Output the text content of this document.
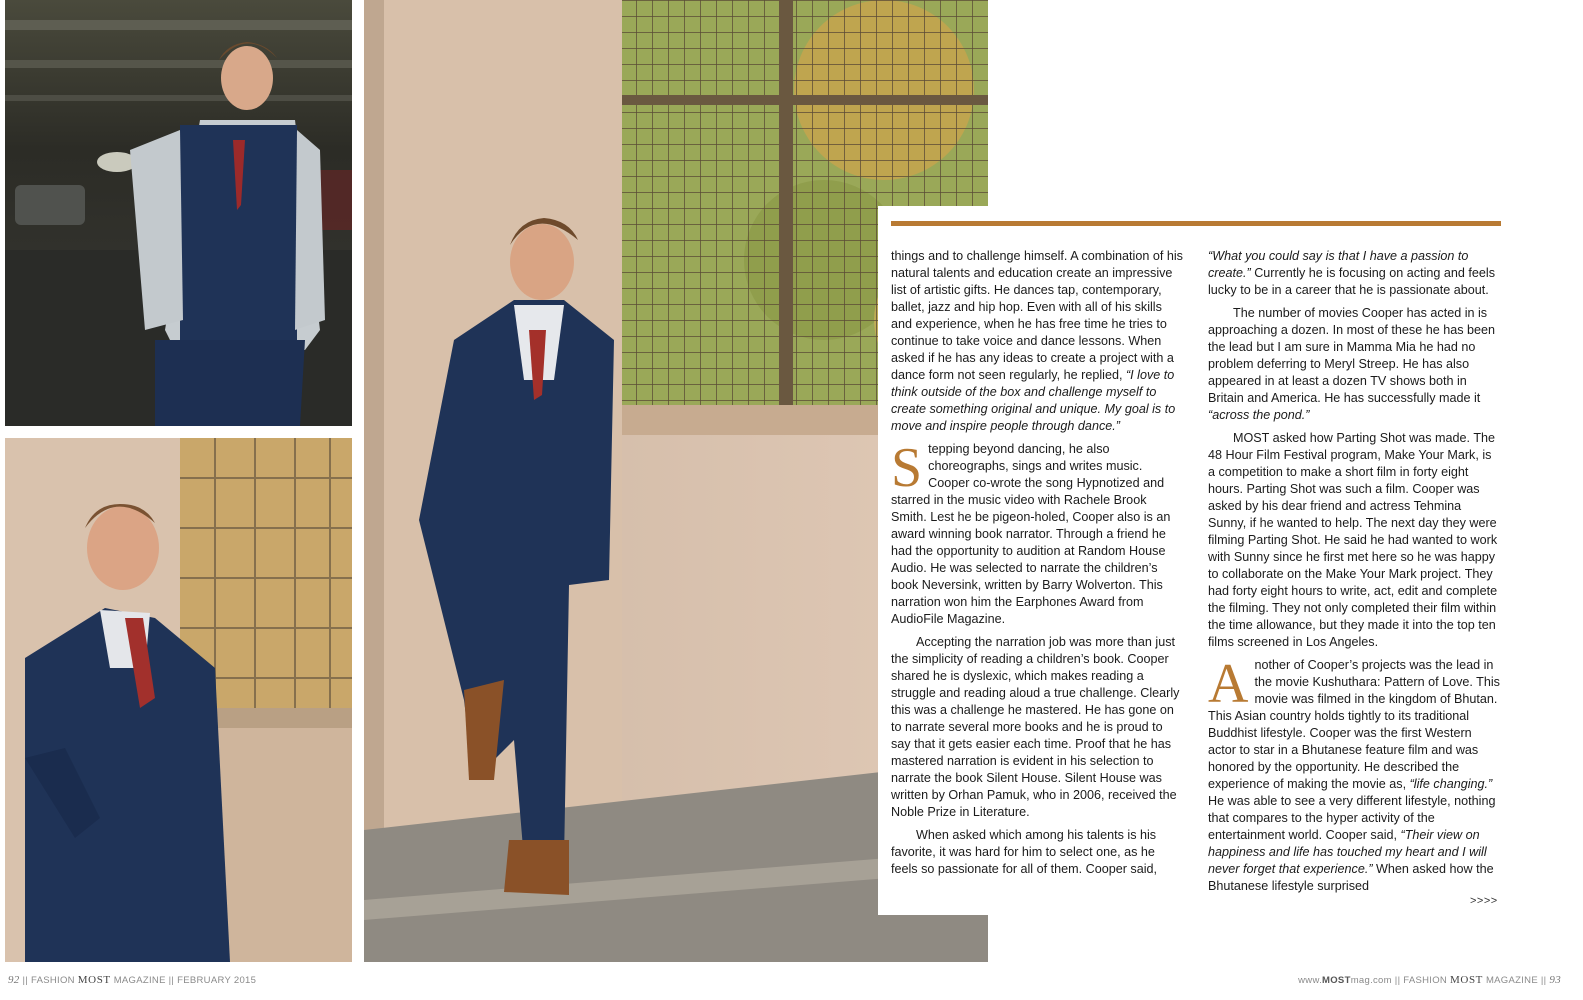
things and to challenge himself. A combination of his natural talents and education create an impressive list of artistic gifts. He dances tap, contemporary, ballet, jazz and hip hop. Even with all of his skills and experience, when he has free time he tries to continue to take voice and dance lessons. When asked if he has any ideas to create a project with a dance form not seen regularly, he replied, “I love to think outside of the box and challenge myself to create something original and unique. My goal is to move and inspire people through dance.”

Stepping beyond dancing, he also choreographs, sings and writes music. Cooper co-wrote the song Hypnotized and starred in the music video with Rachele Brook Smith. Lest he be pigeon-holed, Cooper also is an award winning book narrator. Through a friend he had the opportunity to audition at Random House Audio. He was selected to narrate the children’s book Neversink, written by Barry Wolverton. This narration won him the Earphones Award from AudioFile Magazine.

Accepting the narration job was more than just the simplicity of reading a children’s book. Cooper shared he is dyslexic, which makes reading a struggle and reading aloud a true challenge. Clearly this was a challenge he mastered. He has gone on to narrate several more books and he is proud to say that it gets easier each time. Proof that he has mastered narration is evident in his selection to narrate the book Silent House. Silent House was written by Orhan Pamuk, who in 2006, received the Noble Prize in Literature.

When asked which among his talents is his favorite, it was hard for him to select one, as he feels so passionate for all of them. Cooper said,

“What you could say is that I have a passion to create.” Currently he is focusing on acting and feels lucky to be in a career that he is passionate about.

The number of movies Cooper has acted in is approaching a dozen. In most of these he has been the lead but I am sure in Mamma Mia he had no problem deferring to Meryl Streep. He has also appeared in at least a dozen TV shows both in Britain and America. He has successfully made it “across the pond.”

MOST asked how Parting Shot was made. The 48 Hour Film Festival program, Make Your Mark, is a competition to make a short film in forty eight hours. Parting Shot was such a film. Cooper was asked by his dear friend and actress Tehmina Sunny, if he wanted to help. The next day they were filming Parting Shot. He said he had wanted to work with Sunny since he first met here so he was happy to collaborate on the Make Your Mark project. They had forty eight hours to write, act, edit and complete the filming. They not only completed their film within the time allowance, but they made it into the top ten films screened in Los Angeles.

Another of Cooper’s projects was the lead in the movie Kushuthara: Pattern of Love. This movie was filmed in the kingdom of Bhutan. This Asian country holds tightly to its traditional Buddhist lifestyle. Cooper was the first Western actor to star in a Bhutanese feature film and was honored by the opportunity. He described the experience of making the movie as, “life changing.” He was able to see a very different lifestyle, nothing that compares to the hyper activity of the entertainment world. Cooper said, “Their view on happiness and life has touched my heart and I will never forget that experience.” When asked how the Bhutanese lifestyle surprised

>>>>
92 || FASHION MOST MAGAZINE || FEBRUARY 2015	www.MOSTmag.com || FASHION MOST MAGAZINE || 93
